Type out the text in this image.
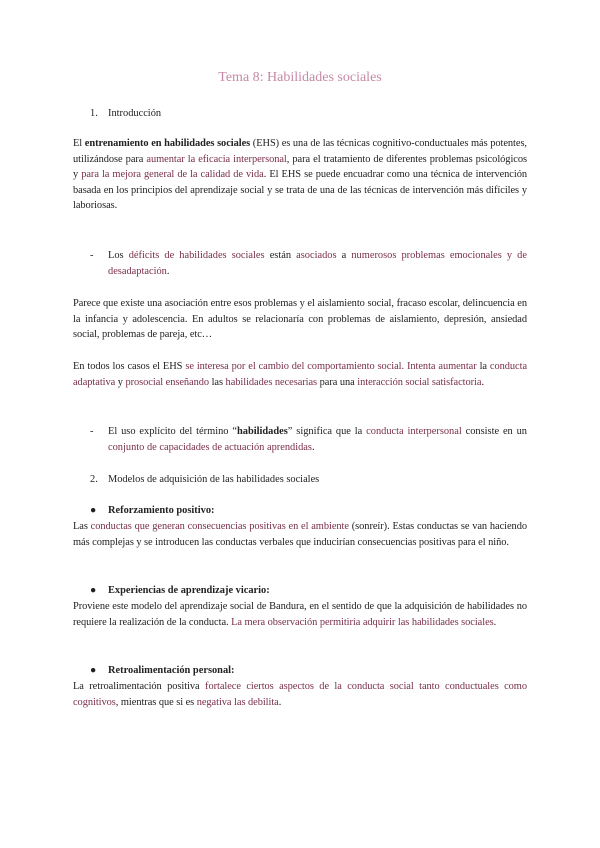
Tema 8: Habilidades sociales
1. Introducción
El entrenamiento en habilidades sociales (EHS) es una de las técnicas cognitivo-conductuales más potentes, utilizándose para aumentar la eficacia interpersonal, para el tratamiento de diferentes problemas psicológicos y para la mejora general de la calidad de vida. El EHS se puede encuadrar como una técnica de intervención basada en los principios del aprendizaje social y se trata de una de las técnicas de intervención más difíciles y laboriosas.
- Los déficits de habilidades sociales están asociados a numerosos problemas emocionales y de desadaptación.
Parece que existe una asociación entre esos problemas y el aislamiento social, fracaso escolar, delincuencia en la infancia y adolescencia. En adultos se relacionaría con problemas de aislamiento, depresión, ansiedad social, problemas de pareja, etc…
En todos los casos el EHS se interesa por el cambio del comportamiento social. Intenta aumentar la conducta adaptativa y prosocial enseñando las habilidades necesarias para una interacción social satisfactoria.
- El uso explícito del término “habilidades” significa que la conducta interpersonal consiste en un conjunto de capacidades de actuación aprendidas.
2. Modelos de adquisición de las habilidades sociales
● Reforzamiento positivo:
Las conductas que generan consecuencias positivas en el ambiente (sonreír). Estas conductas se van haciendo más complejas y se introducen las conductas verbales que inducirían consecuencias positivas para el niño.
● Experiencias de aprendizaje vicario:
Proviene este modelo del aprendizaje social de Bandura, en el sentido de que la adquisición de habilidades no requiere la realización de la conducta. La mera observación permitiría adquirir las habilidades sociales.
● Retroalimentación personal:
La retroalimentación positiva fortalece ciertos aspectos de la conducta social tanto conductuales como cognitivos, mientras que si es negativa las debilita.
